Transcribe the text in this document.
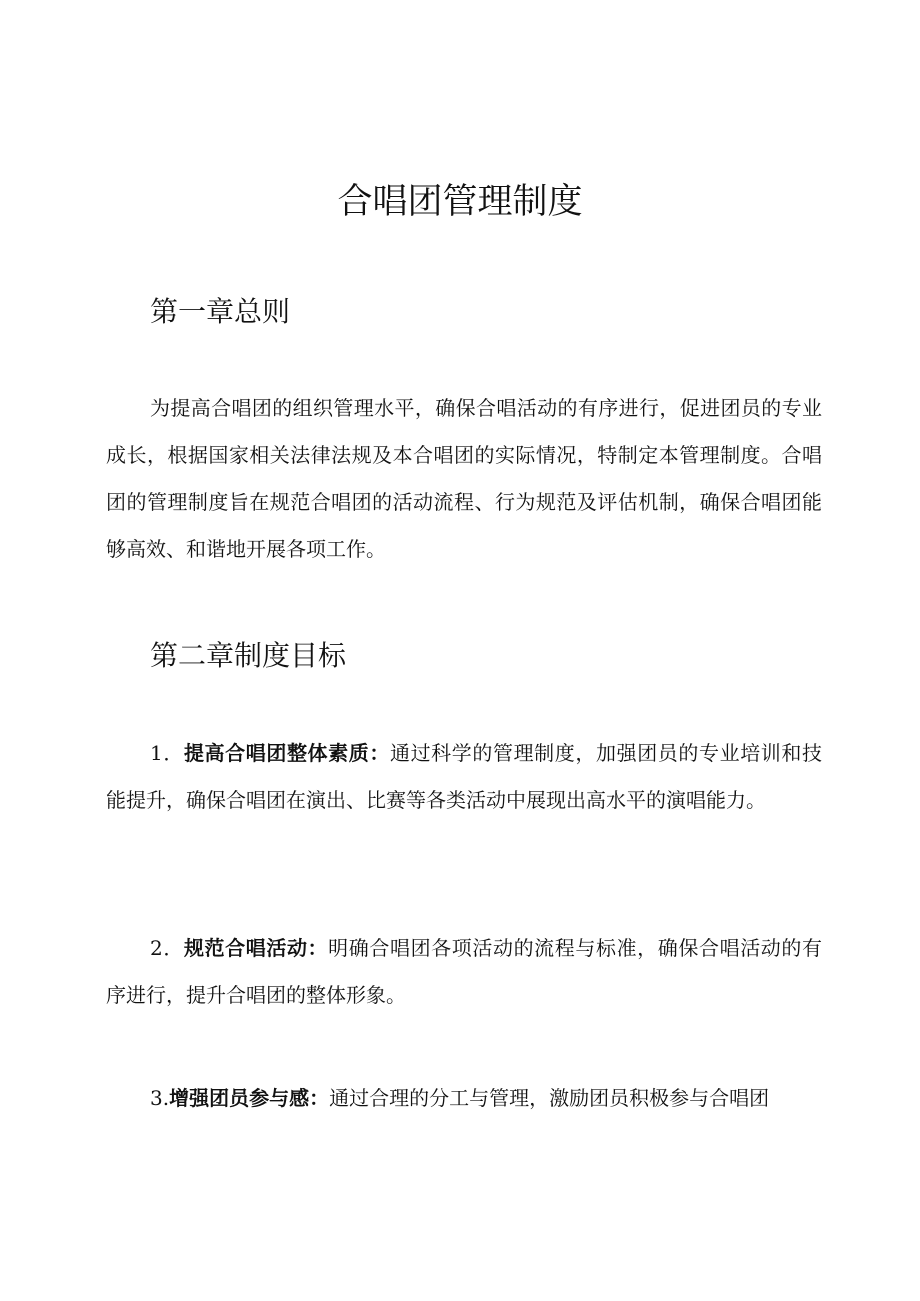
合唱团管理制度
第一章总则

为提高合唱团的组织管理水平，确保合唱活动的有序进行，促进团员的专业成长，根据国家相关法律法规及本合唱团的实际情况，特制定本管理制度。合唱团的管理制度旨在规范合唱团的活动流程、行为规范及评估机制，确保合唱团能够高效、和谐地开展各项工作。

第二章制度目标

1．提高合唱团整体素质：通过科学的管理制度，加强团员的专业培训和技能提升，确保合唱团在演出、比赛等各类活动中展现出高水平的演唱能力。

2．规范合唱活动：明确合唱团各项活动的流程与标准，确保合唱活动的有序进行，提升合唱团的整体形象。

3.增强团员参与感：通过合理的分工与管理，激励团员积极参与合唱团
